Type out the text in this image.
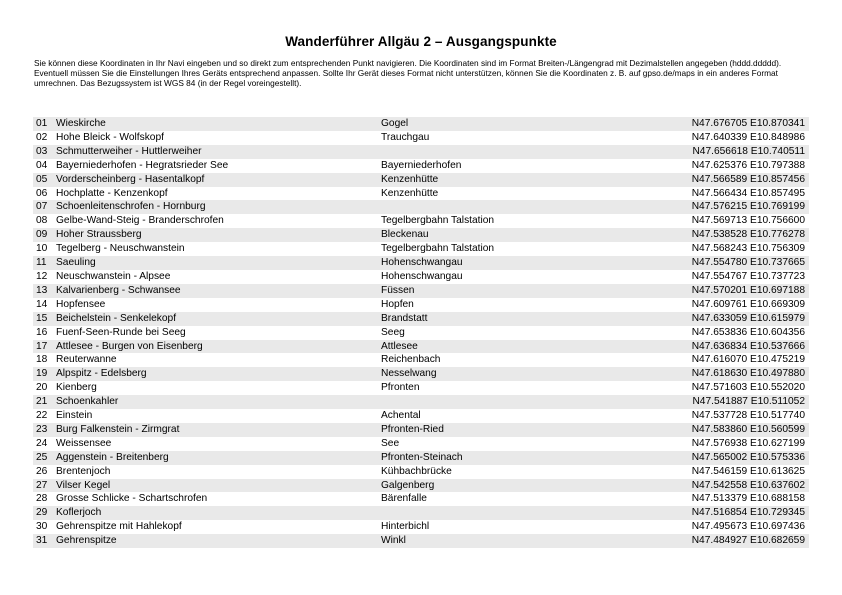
Wanderführer Allgäu 2 – Ausgangspunkte

Sie können diese Koordinaten in Ihr Navi eingeben und so direkt zum entsprechenden Punkt navigieren. Die Koordinaten sind im Format Breiten-/Längengrad mit Dezimalstellen angegeben (hddd.ddddd).

Eventuell müssen Sie die Einstellungen Ihres Geräts entsprechend anpassen. Sollte Ihr Gerät dieses Format nicht unterstützen, können Sie die Koordinaten z. B. auf gpso.de/maps in ein anderes Format umrechnen. Das Bezugssystem ist WGS 84 (in der Regel voreingestellt).

01	Wieskirche	Gogel	N47.676705 E10.870341
02	Hohe Bleick - Wolfskopf	Trauchgau	N47.640339 E10.848986
03	Schmutterweiher - Huttlerweiher		N47.656618 E10.740511
04	Bayerniederhofen - Hegratsrieder See	Bayerniederhofen	N47.625376 E10.797388
05	Vorderscheinberg - Hasentalkopf	Kenzenhütte	N47.566589 E10.857456
06	Hochplatte - Kenzenkopf	Kenzenhütte	N47.566434 E10.857495
07	Schoenleitenschrofen - Hornburg		N47.576215 E10.769199
08	Gelbe-Wand-Steig - Branderschrofen	Tegelbergbahn Talstation	N47.569713 E10.756600
09	Hoher Straussberg	Bleckenau	N47.538528 E10.776278
10	Tegelberg - Neuschwanstein	Tegelbergbahn Talstation	N47.568243 E10.756309
11	Saeuling	Hohenschwangau	N47.554780 E10.737665
12	Neuschwanstein - Alpsee	Hohenschwangau	N47.554767 E10.737723
13	Kalvarienberg - Schwansee	Füssen	N47.570201 E10.697188
14	Hopfensee	Hopfen	N47.609761 E10.669309
15	Beichelstein - Senkelekopf	Brandstatt	N47.633059 E10.615979
16	Fuenf-Seen-Runde bei Seeg	Seeg	N47.653836 E10.604356
17	Attlesee - Burgen von Eisenberg	Attlesee	N47.636834 E10.537666
18	Reuterwanne	Reichenbach	N47.616070 E10.475219
19	Alpspitz - Edelsberg	Nesselwang	N47.618630 E10.497880
20	Kienberg	Pfronten	N47.571603 E10.552020
21	Schoenkahler		N47.541887 E10.511052
22	Einstein	Achental	N47.537728 E10.517740
23	Burg Falkenstein - Zirmgrat	Pfronten-Ried	N47.583860 E10.560599
24	Weissensee	See	N47.576938 E10.627199
25	Aggenstein - Breitenberg	Pfronten-Steinach	N47.565002 E10.575336
26	Brentenjoch	Kühbachbrücke	N47.546159 E10.613625
27	Vilser Kegel	Galgenberg	N47.542558 E10.637602
28	Grosse Schlicke - Schartschrofen	Bärenfalle	N47.513379 E10.688158
29	Koflerjoch		N47.516854 E10.729345
30	Gehrenspitze mit Hahlekopf	Hinterbichl	N47.495673 E10.697436
31	Gehrenspitze	Winkl	N47.484927 E10.682659
